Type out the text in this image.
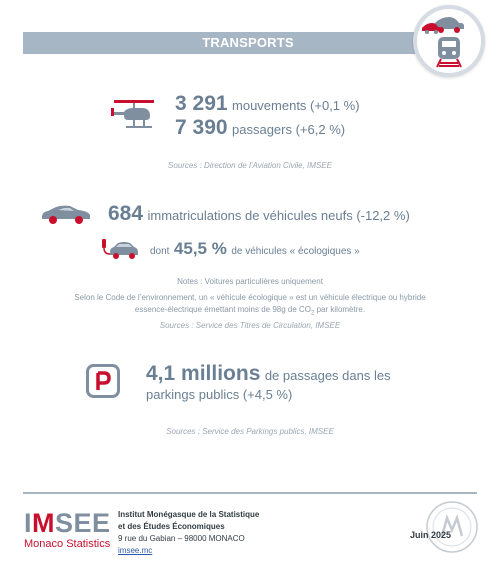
TRANSPORTS
3 291 mouvements (+0,1 %)
7 390 passagers (+6,2 %)
Sources : Direction de l’Aviation Civile, IMSEE
684 immatriculations de véhicules neufs (-12,2 %)
dont 45,5 % de véhicules « écologiques »
Notes : Voitures particulières uniquement
Selon le Code de l’environnement, un « véhicule écologique » est un véhicule électrique ou hybride
essence-électrique émettant moins de 98g de $CO_2$ par kilomètre.
Sources : Service des Titres de Circulation, IMSEE
4,1 millions de passages dans les
parkings publics (+4,5 %)
Sources : Service des Parkings publics, IMSEE
IMSEE
Monaco Statistics
Institut Monégasque de la Statistique
et des Études Économiques
9 rue du Gabian – 98000 MONACO
imsee.mc
Juin 2025
